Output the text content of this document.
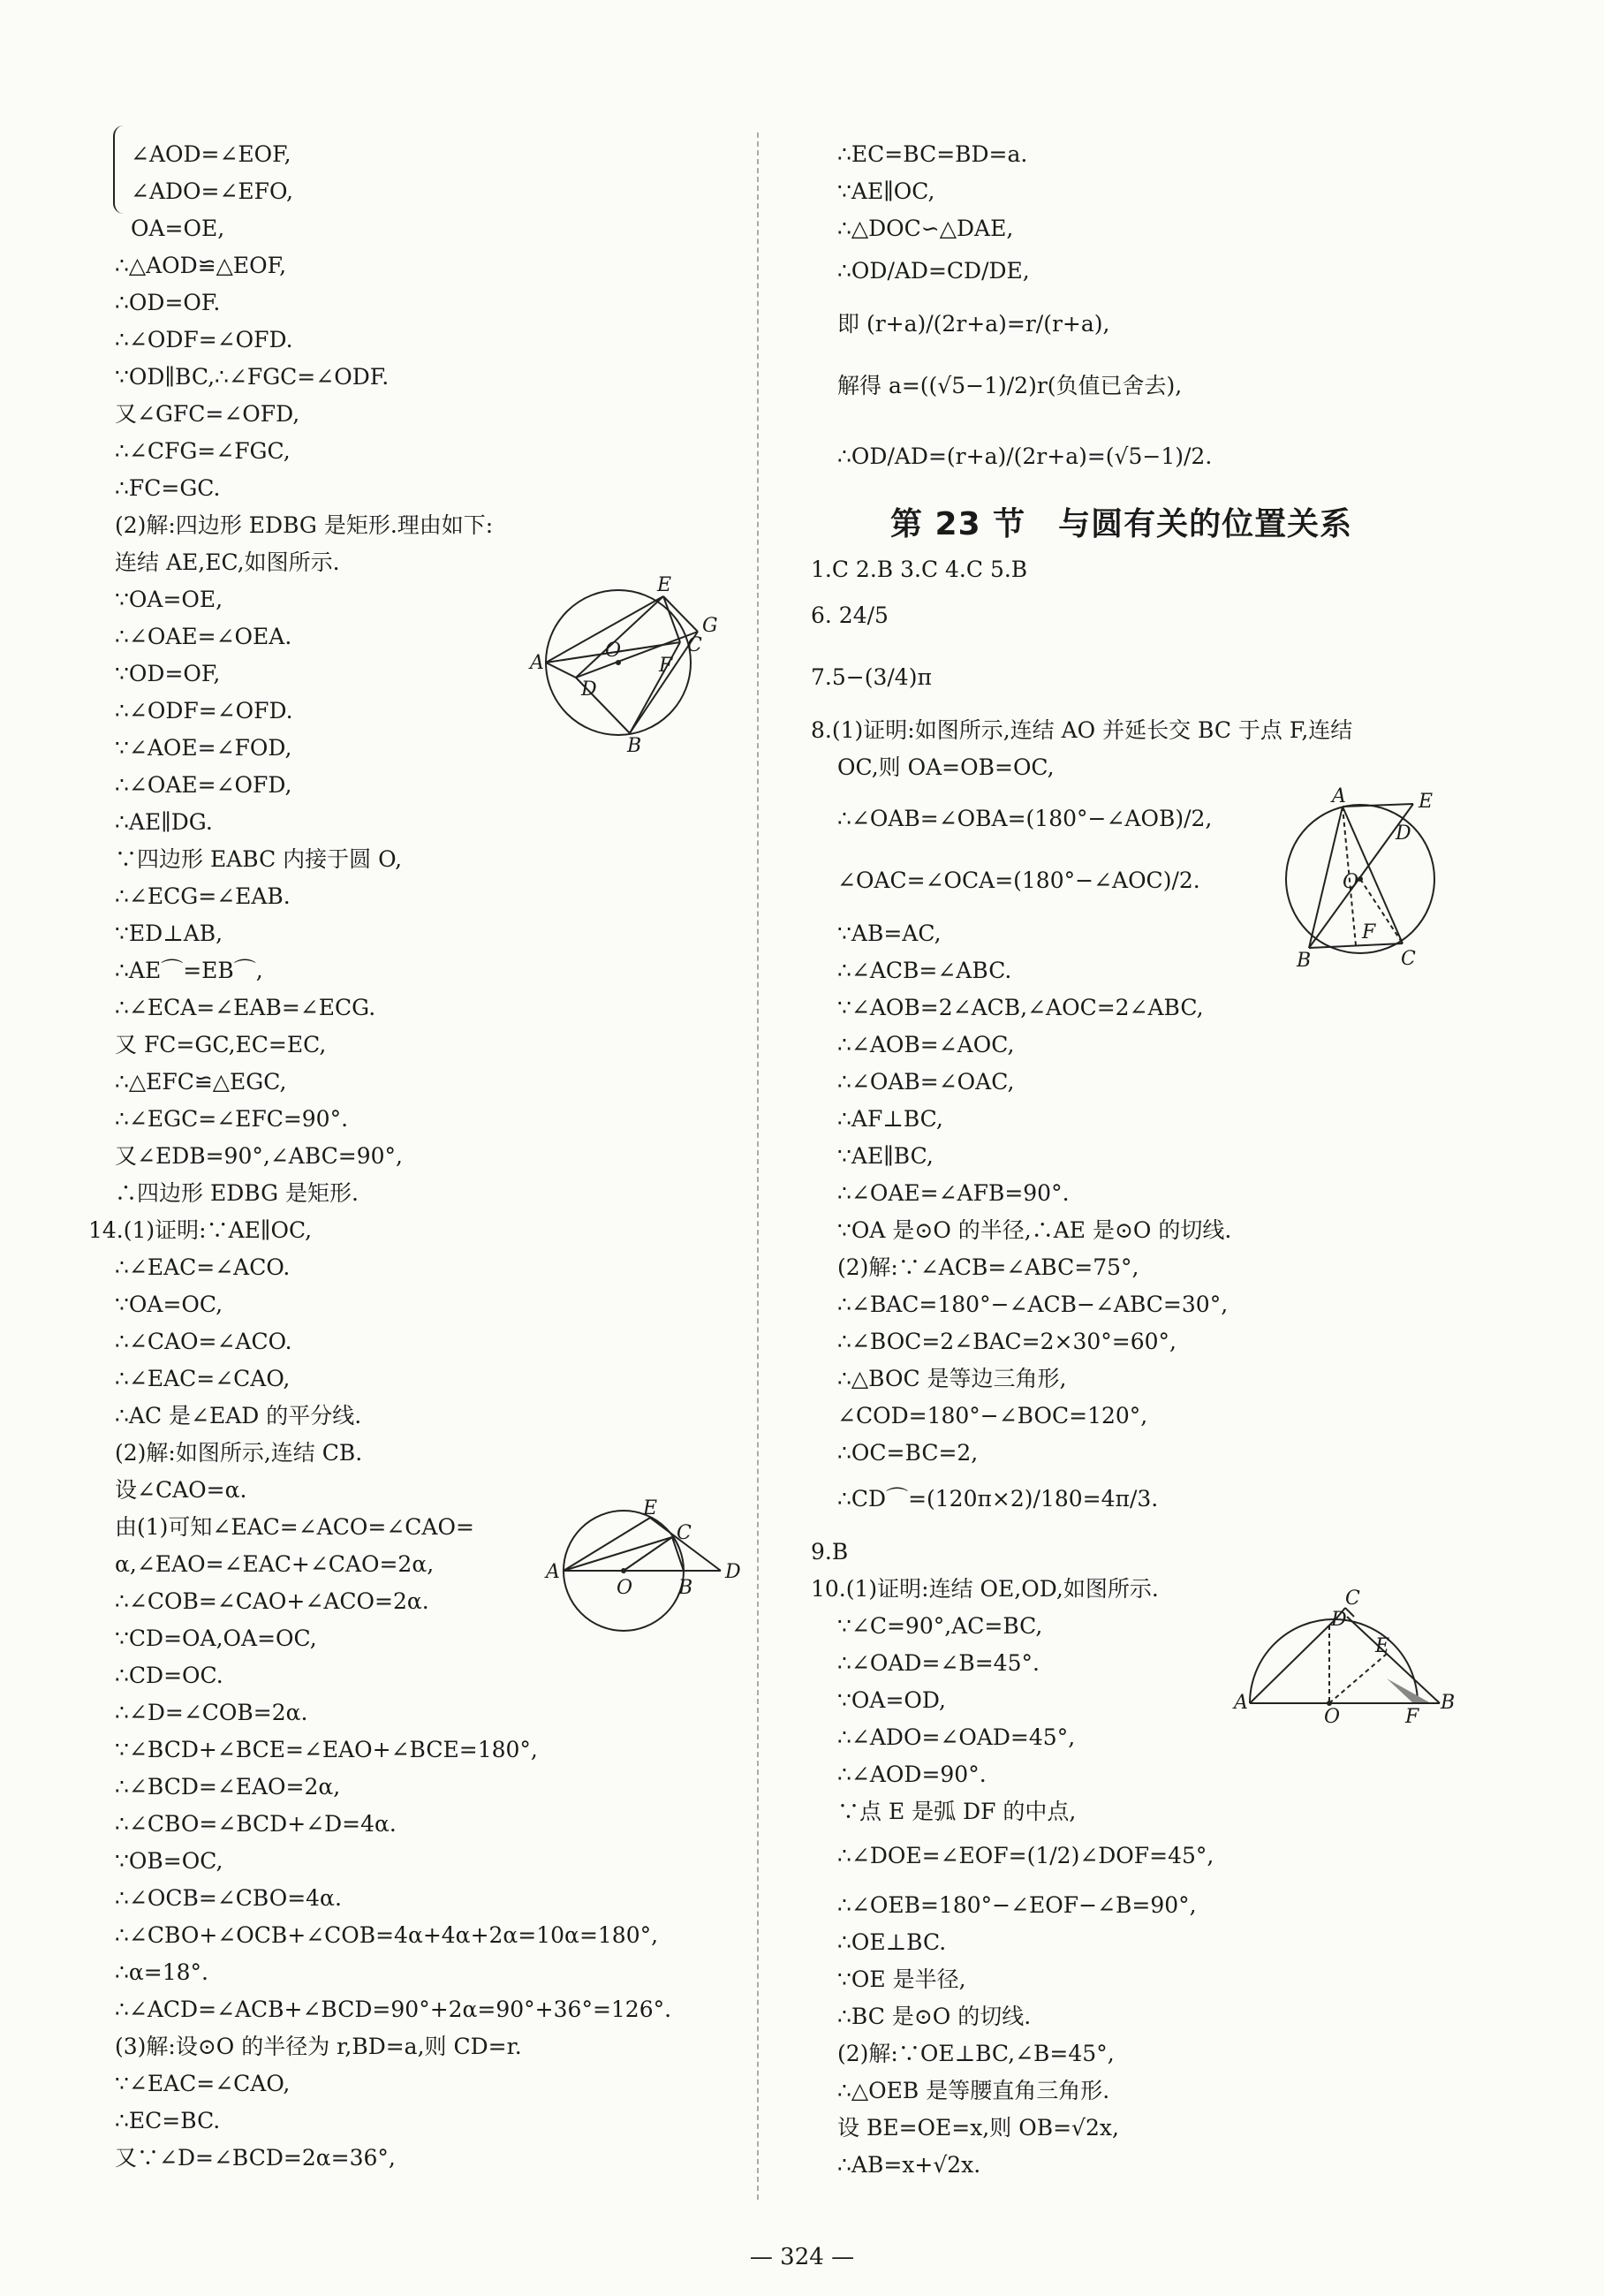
∠AOD=∠EOF,
∠ADO=∠EFO,
OA=OE,
∴△AOD≌△EOF,
∴OD=OF.
∴∠ODF=∠OFD.
∵OD∥BC,∴∠FGC=∠ODF.
又∠GFC=∠OFD,
∴∠CFG=∠FGC,
∴FC=GC.
(2)解:四边形 EDBG 是矩形.理由如下:
连结 AE,EC,如图所示.
∵OA=OE,
∴∠OAE=∠OEA.
∵OD=OF,
∴∠ODF=∠OFD.
∵∠AOE=∠FOD,
∴∠OAE=∠OFD,
∴AE∥DG.
∵四边形 EABC 内接于圆 O,
∴∠ECG=∠EAB.
∵ED⊥AB,
∴AE⌒=EB⌒,
∴∠ECA=∠EAB=∠ECG.
又 FC=GC,EC=EC,
∴△EFC≌△EGC,
∴∠EGC=∠EFC=90°.
又∠EDB=90°,∠ABC=90°,
∴四边形 EDBG 是矩形.
14.(1)证明:∵AE∥OC,
∴∠EAC=∠ACO.
∵OA=OC,
∴∠CAO=∠ACO.
∴∠EAC=∠CAO,
∴AC 是∠EAD 的平分线.
(2)解:如图所示,连结 CB.
设∠CAO=α.
由(1)可知∠EAC=∠ACO=∠CAO=
α,∠EAO=∠EAC+∠CAO=2α,
∴∠COB=∠CAO+∠ACO=2α.
∵CD=OA,OA=OC,
∴CD=OC.
∴∠D=∠COB=2α.
∵∠BCD+∠BCE=∠EAO+∠BCE=180°,
∴∠BCD=∠EAO=2α,
∴∠CBO=∠BCD+∠D=4α.
∵OB=OC,
∴∠OCB=∠CBO=4α.
∴∠CBO+∠OCB+∠COB=4α+4α+2α=10α=180°,
∴α=18°.
∴∠ACD=∠ACB+∠BCD=90°+2α=90°+36°=126°.
(3)解:设⊙O 的半径为 r,BD=a,则 CD=r.
∵∠EAC=∠CAO,
∴EC=BC.
又∵∠D=∠BCD=2α=36°,
第 23 节　与圆有关的位置关系
∴EC=BC=BD=a.
∵AE∥OC,
∴△DOC∽△DAE,
∴OD/AD=CD/DE,
即 (r+a)/(2r+a)=r/(r+a),
解得 a=((√5−1)/2)r(负值已舍去),
∴OD/AD=(r+a)/(2r+a)=(√5−1)/2.
1.C 2.B 3.C 4.C 5.B
6. 24/5
7.5−(3/4)π
8.(1)证明:如图所示,连结 AO 并延长交 BC 于点 F,连结
OC,则 OA=OB=OC,
∴∠OAB=∠OBA=(180°−∠AOB)/2,
∠OAC=∠OCA=(180°−∠AOC)/2.
∵AB=AC,
∴∠ACB=∠ABC.
∵∠AOB=2∠ACB,∠AOC=2∠ABC,
∴∠AOB=∠AOC,
∴∠OAB=∠OAC,
∴AF⊥BC,
∵AE∥BC,
∴∠OAE=∠AFB=90°.
∵OA 是⊙O 的半径,∴AE 是⊙O 的切线.
(2)解:∵∠ACB=∠ABC=75°,
∴∠BAC=180°−∠ACB−∠ABC=30°,
∴∠BOC=2∠BAC=2×30°=60°,
∴△BOC 是等边三角形,
∠COD=180°−∠BOC=120°,
∴OC=BC=2,
∴CD⌒=(120π×2)/180=4π/3.
9.B
10.(1)证明:连结 OE,OD,如图所示.
∵∠C=90°,AC=BC,
∴∠OAD=∠B=45°.
∵OA=OD,
∴∠ADO=∠OAD=45°,
∴∠AOD=90°.
∵点 E 是弧 DF 的中点,
∴∠DOE=∠EOF=(1/2)∠DOF=45°,
∴∠OEB=180°−∠EOF−∠B=90°,
∴OE⊥BC.
∵OE 是半径,
∴BC 是⊙O 的切线.
(2)解:∵OE⊥BC,∠B=45°,
∴△OEB 是等腰直角三角形.
设 BE=OE=x,则 OB=√2x,
∴AB=x+√2x.
A
O
E
F
G
C
D
B
A
O B
C
D
E
A	E
D
O
F
B	C
A
O	F
B
D
C
E
— 324 —
